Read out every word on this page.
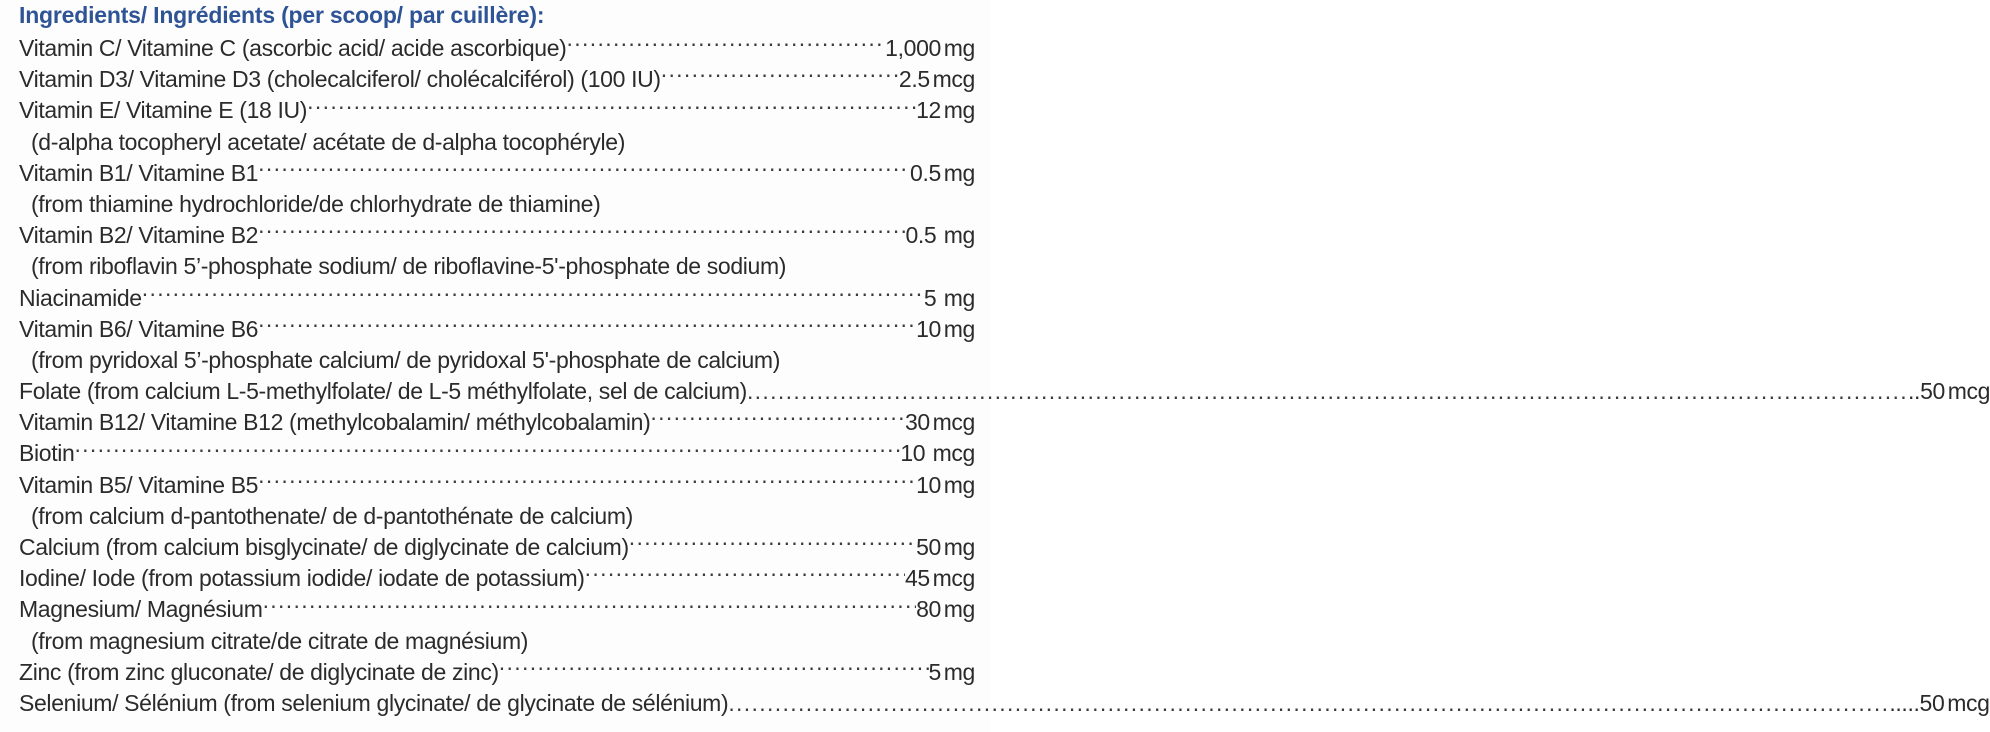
Ingredients/ Ingrédients (per scoop/ par cuillère):
Vitamin C/ Vitamine C (ascorbic acid/ acide ascorbique) .....	1,000 mg
Vitamin D3/ Vitamine D3 (cholecalciferol/ cholécalciférol) (100 IU) .....	2.5 mcg
Vitamin E/ Vitamine E (18 IU) .....	12 mg
(d-alpha tocopheryl acetate/ acétate de d-alpha tocophéryle)
Vitamin B1/ Vitamine B1 .....	0.5 mg
(from thiamine hydrochloride/de chlorhydrate de thiamine)
Vitamin B2/ Vitamine B2 .....	0.5 mg
(from riboflavin 5’-phosphate sodium/ de riboflavine-5'-phosphate de sodium)
Niacinamide .....	5 mg
Vitamin B6/ Vitamine B6 .....	10 mg
(from pyridoxal 5’-phosphate calcium/ de pyridoxal 5'-phosphate de calcium)
Folate (from calcium L-5-methylfolate/ de L-5 méthylfolate, sel de calcium)	..... .. 50 mcg
Vitamin B12/ Vitamine B12 (methylcobalamin/ méthylcobalamin) .....	30 mcg
Biotin .....	10 mcg
Vitamin B5/ Vitamine B5 .....	10 mg
(from calcium d-pantothenate/ de d-pantothénate de calcium)
Calcium (from calcium bisglycinate/ de diglycinate de calcium) .....	50 mg
Iodine/ Iode (from potassium iodide/ iodate de potassium) .....	45 mcg
Magnesium/ Magnésium .....	80 mg
(from magnesium citrate/de citrate de magnésium)
Zinc (from zinc gluconate/ de diglycinate de zinc) .....	5 mg
Selenium/ Sélénium (from selenium glycinate/ de glycinate de sélénium)	..... ..... 50 mcg
